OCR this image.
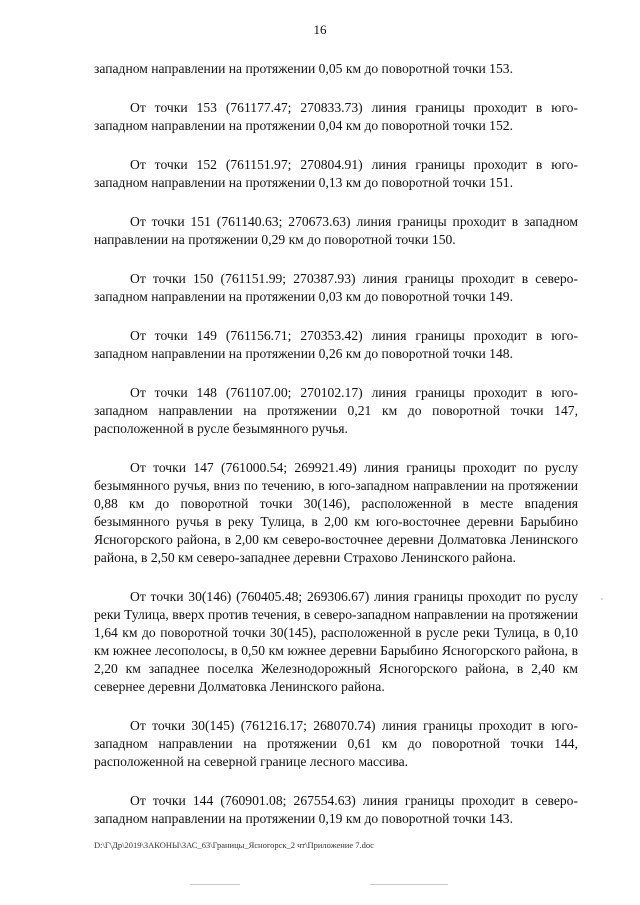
16

западном направлении на протяжении 0,05 км до поворотной точки 153.

От точки 153 (761177.47; 270833.73) линия границы проходит в юго-западном направлении на протяжении 0,04 км до поворотной точки 152.

От точки 152 (761151.97; 270804.91) линия границы проходит в юго-западном направлении на протяжении 0,13 км до поворотной точки 151.

От точки 151 (761140.63; 270673.63) линия границы проходит в западном направлении на протяжении 0,29 км до поворотной точки 150.

От точки 150 (761151.99; 270387.93) линия границы проходит в северо-западном направлении на протяжении 0,03 км до поворотной точки 149.

От точки 149 (761156.71; 270353.42) линия границы проходит в юго-западном направлении на протяжении 0,26 км до поворотной точки 148.

От точки 148 (761107.00; 270102.17) линия границы проходит в юго-западном направлении на протяжении 0,21 км до поворотной точки 147, расположенной в русле безымянного ручья.

От точки 147 (761000.54; 269921.49) линия границы проходит по руслу безымянного ручья, вниз по течению, в юго-западном направлении на протяжении 0,88 км до поворотной точки 30(146), расположенной в месте впадения безымянного ручья в реку Тулица, в 2,00 км юго-восточнее деревни Барыбино Ясногорского района, в 2,00 км северо-восточнее деревни Долматовка Ленинского района, в 2,50 км северо-западнее деревни Страхово Ленинского района.

От точки 30(146) (760405.48; 269306.67) линия границы проходит по руслу реки Тулица, вверх против течения, в северо-западном направлении на протяжении 1,64 км до поворотной точки 30(145), расположенной в русле реки Тулица, в 0,10 км южнее лесополосы, в 0,50 км южнее деревни Барыбино Ясногорского района, в 2,20 км западнее поселка Железнодорожный Ясногорского района, в 2,40 км севернее деревни Долматовка Ленинского района.

От точки 30(145) (761216.17; 268070.74) линия границы проходит в юго-западном направлении на протяжении 0,61 км до поворотной точки 144, расположенной на северной границе лесного массива.

От точки 144 (760901.08; 267554.63) линия границы проходит в северо-западном направлении на протяжении 0,19 км до поворотной точки 143.

D:\Г\Др\2019\ЗАКОНЫ\ЗАС_63\Границы_Ясногорск_2 чт\Приложение 7.doc
